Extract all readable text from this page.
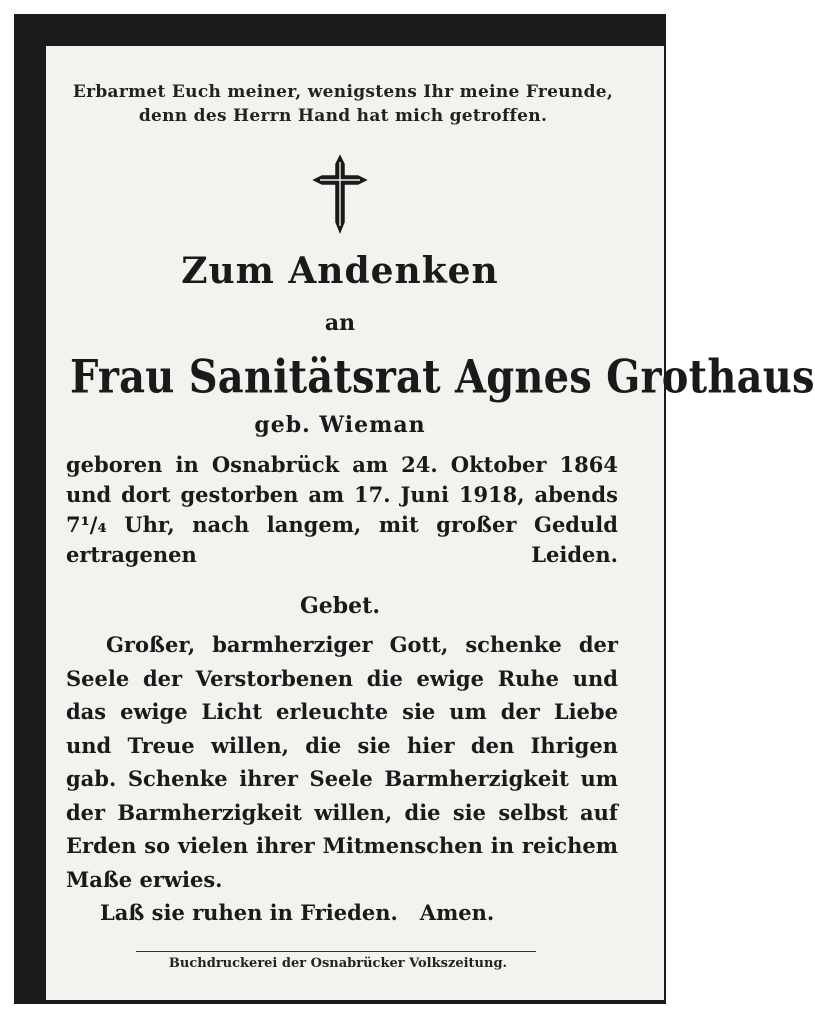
Erbarmet Euch meiner, wenigstens Ihr meine Freunde,
denn des Herrn Hand hat mich getroffen.
Zum Andenken
an
Frau Sanitätsrat Agnes Grothaus
geb. Wieman
geboren in Osnabrück am 24. Oktober 1864
und dort gestorben am 17. Juni 1918, abends
7¹/₄ Uhr, nach langem, mit großer Geduld
ertragenen	Leiden.
Gebet.
Großer, barmherziger Gott, schenke der
Seele der Verstorbenen die ewige Ruhe und
das ewige Licht erleuchte sie um der Liebe
und Treue willen, die sie hier den Ihrigen
gab. Schenke ihrer Seele Barmherzigkeit um
der Barmherzigkeit willen, die sie selbst auf
Erden so vielen ihrer Mitmenschen in reichem
Maße erwies.
Laß sie ruhen in Frieden. Amen.
Buchdruckerei der Osnabrücker Volkszeitung.
